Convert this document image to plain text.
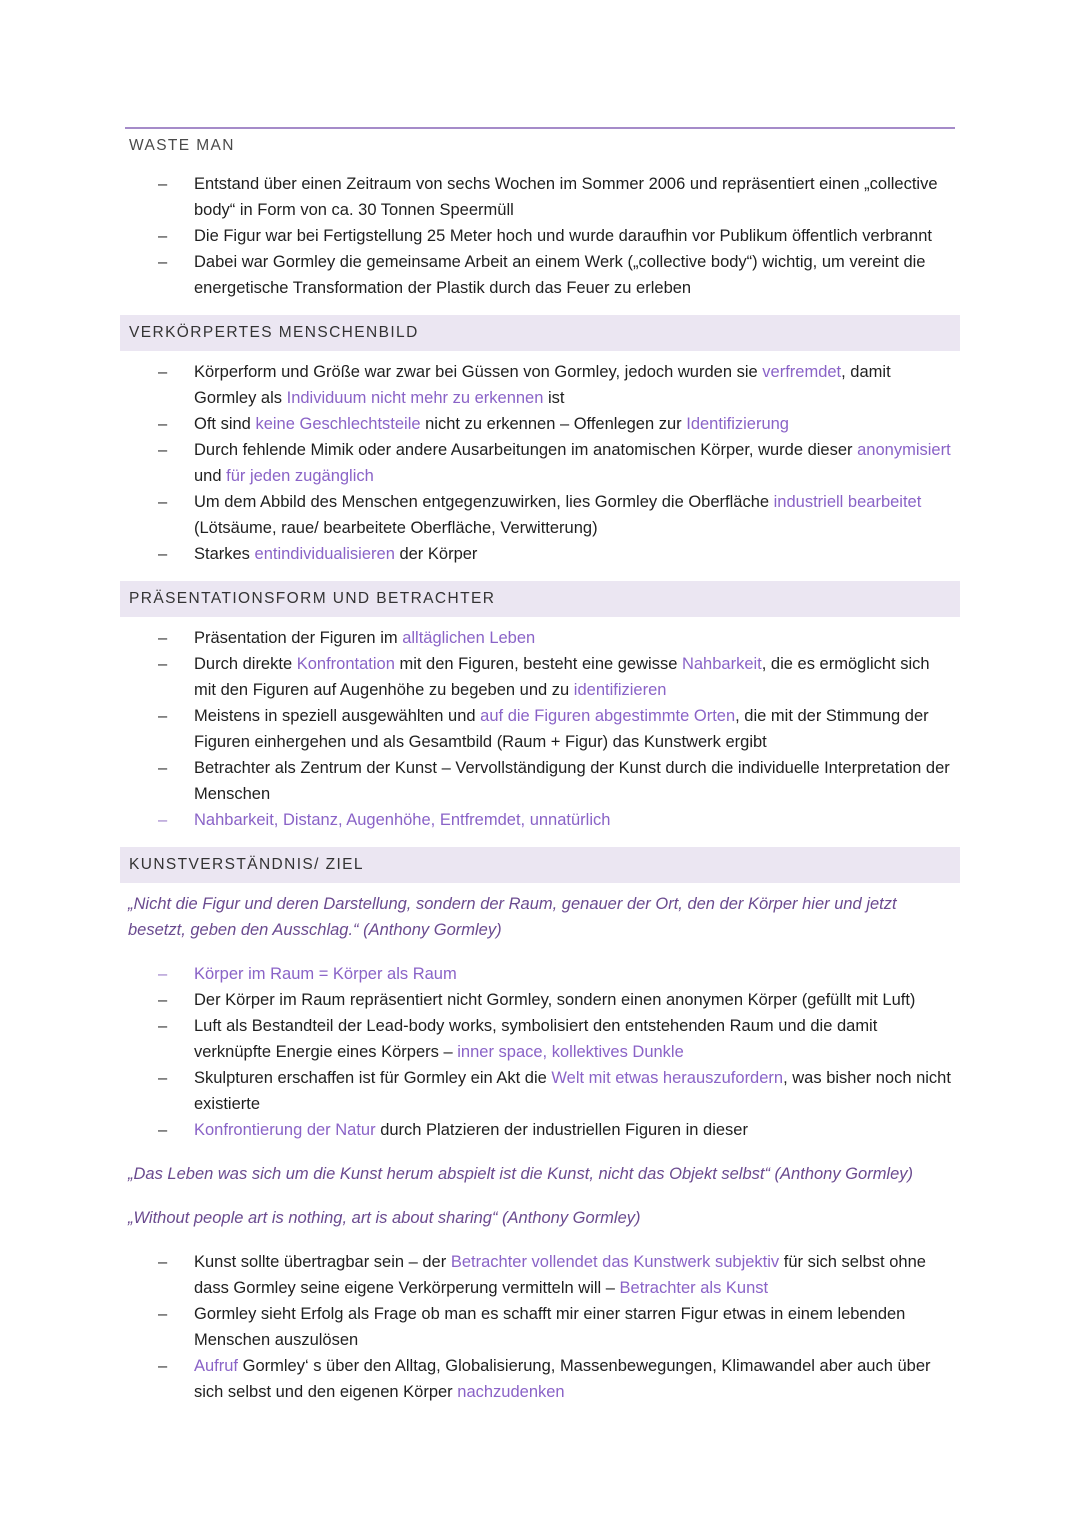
WASTE MAN
– Entstand über einen Zeitraum von sechs Wochen im Sommer 2006 und repräsentiert einen „collective body“ in Form von ca. 30 Tonnen Speermüll
– Die Figur war bei Fertigstellung 25 Meter hoch und wurde daraufhin vor Publikum öffentlich verbrannt
– Dabei war Gormley die gemeinsame Arbeit an einem Werk („collective body“) wichtig, um vereint die energetische Transformation der Plastik durch das Feuer zu erleben
VERKÖRPERTES MENSCHENBILD
– Körperform und Größe war zwar bei Güssen von Gormley, jedoch wurden sie verfremdet, damit Gormley als Individuum nicht mehr zu erkennen ist
– Oft sind keine Geschlechtsteile nicht zu erkennen – Offenlegen zur Identifizierung
– Durch fehlende Mimik oder andere Ausarbeitungen im anatomischen Körper, wurde dieser anonymisiert und für jeden zugänglich
– Um dem Abbild des Menschen entgegenzuwirken, lies Gormley die Oberfläche industriell bearbeitet (Lötsäume, raue/ bearbeitete Oberfläche, Verwitterung)
– Starkes entindividualisieren der Körper
PRÄSENTATIONSFORM UND BETRACHTER
– Präsentation der Figuren im alltäglichen Leben
– Durch direkte Konfrontation mit den Figuren, besteht eine gewisse Nahbarkeit, die es ermöglicht sich mit den Figuren auf Augenhöhe zu begeben und zu identifizieren
– Meistens in speziell ausgewählten und auf die Figuren abgestimmte Orten, die mit der Stimmung der Figuren einhergehen und als Gesamtbild (Raum + Figur) das Kunstwerk ergibt
– Betrachter als Zentrum der Kunst – Vervollständigung der Kunst durch die individuelle Interpretation der Menschen
– Nahbarkeit, Distanz, Augenhöhe, Entfremdet, unnatürlich
KUNSTVERSTÄNDNIS/ ZIEL
„Nicht die Figur und deren Darstellung, sondern der Raum, genauer der Ort, den der Körper hier und jetzt besetzt, geben den Ausschlag.“ (Anthony Gormley)
– Körper im Raum = Körper als Raum
– Der Körper im Raum repräsentiert nicht Gormley, sondern einen anonymen Körper (gefüllt mit Luft)
– Luft als Bestandteil der Lead-body works, symbolisiert den entstehenden Raum und die damit verknüpfte Energie eines Körpers – inner space, kollektives Dunkle
– Skulpturen erschaffen ist für Gormley ein Akt die Welt mit etwas herauszufordern, was bisher noch nicht existierte
– Konfrontierung der Natur durch Platzieren der industriellen Figuren in dieser
„Das Leben was sich um die Kunst herum abspielt ist die Kunst, nicht das Objekt selbst“ (Anthony Gormley)
„Without people art is nothing, art is about sharing“ (Anthony Gormley)
– Kunst sollte übertragbar sein – der Betrachter vollendet das Kunstwerk subjektiv für sich selbst ohne dass Gormley seine eigene Verkörperung vermitteln will – Betrachter als Kunst
– Gormley sieht Erfolg als Frage ob man es schafft mir einer starren Figur etwas in einem lebenden Menschen auszulösen
– Aufruf Gormley‘ s über den Alltag, Globalisierung, Massenbewegungen, Klimawandel aber auch über sich selbst und den eigenen Körper nachzudenken
